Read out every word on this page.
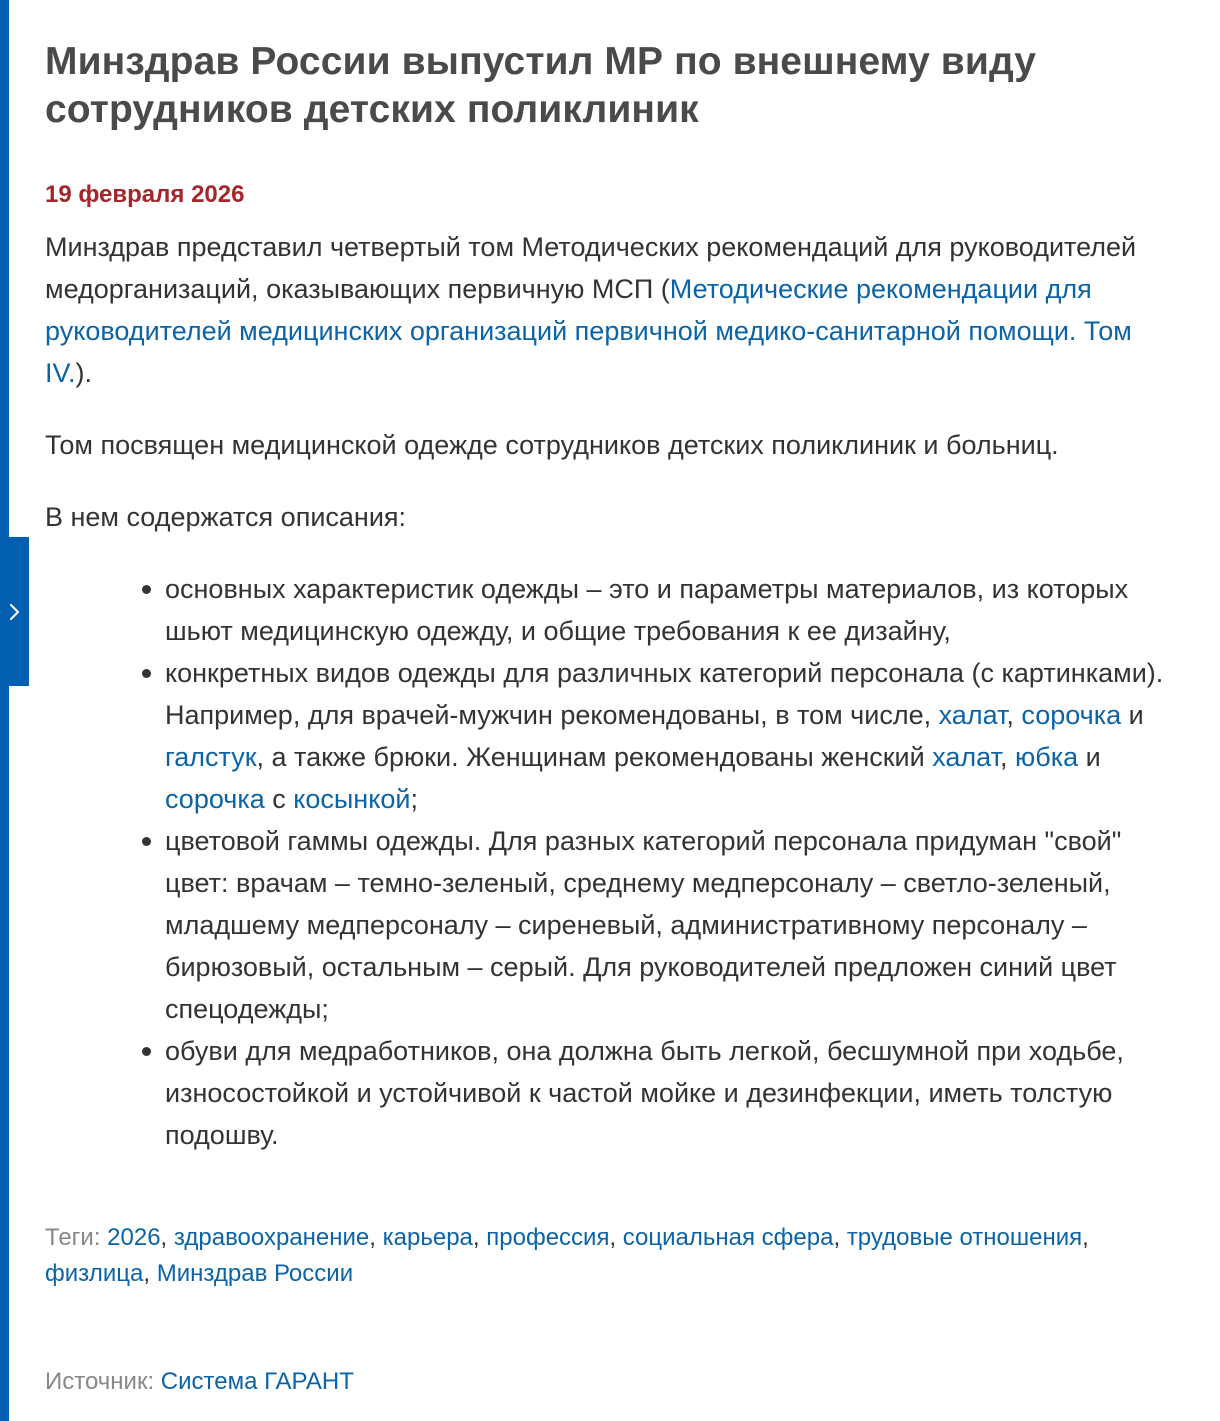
Минздрав России выпустил МР по внешнему виду сотрудников детских поликлиник
19 февраля 2026

Минздрав представил четвертый том Методических рекомендаций для руководителей медорганизаций, оказывающих первичную МСП (Методические рекомендации для руководителей медицинских организаций первичной медико-санитарной помощи. Том IV.).

Том посвящен медицинской одежде сотрудников детских поликлиник и больниц.

В нем содержатся описания:

основных характеристик одежды – это и параметры материалов, из которых шьют медицинскую одежду, и общие требования к ее дизайну,
конкретных видов одежды для различных категорий персонала (с картинками). Например, для врачей-мужчин рекомендованы, в том числе, халат, сорочка и галстук, а также брюки. Женщинам рекомендованы женский халат, юбка и сорочка с косынкой;
цветовой гаммы одежды. Для разных категорий персонала придуман "свой" цвет: врачам – темно-зеленый, среднему медперсоналу – светло-зеленый, младшему медперсоналу – сиреневый, административному персоналу – бирюзовый, остальным – серый. Для руководителей предложен синий цвет спецодежды;
обуви для медработников, она должна быть легкой, бесшумной при ходьбе, износостойкой и устойчивой к частой мойке и дезинфекции, иметь толстую подошву.
Теги: 2026, здравоохранение, карьера, профессия, социальная сфера, трудовые отношения, физлица, Минздрав России
Источник: Система ГАРАНТ
